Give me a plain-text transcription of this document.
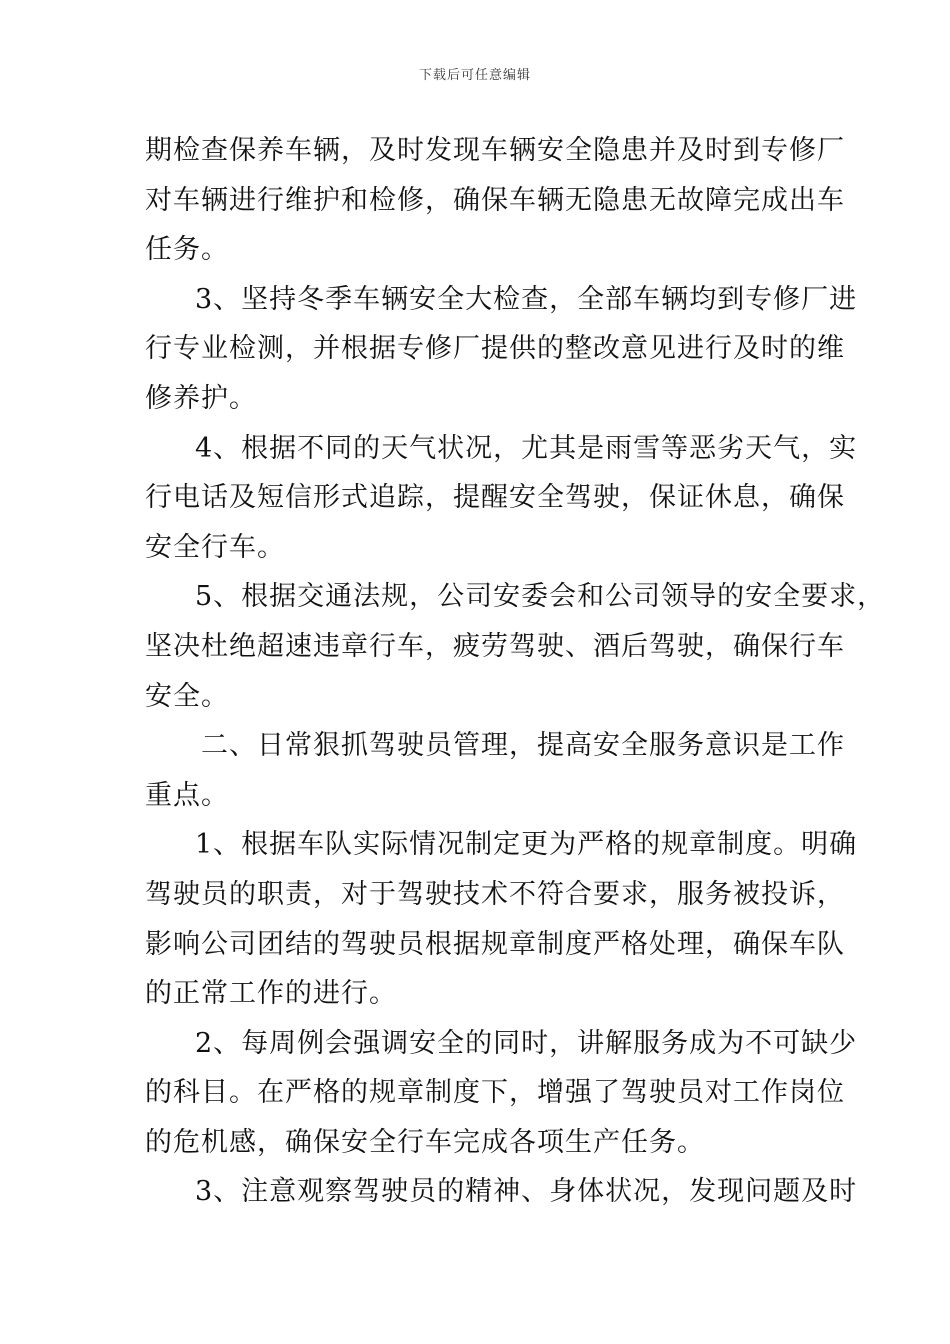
下载后可任意编辑
期检查保养车辆，及时发现车辆安全隐患并及时到专修厂
对车辆进行维护和检修，确保车辆无隐患无故障完成出车
任务。
3、坚持冬季车辆安全大检查，全部车辆均到专修厂进
行专业检测，并根据专修厂提供的整改意见进行及时的维
修养护。
4、根据不同的天气状况，尤其是雨雪等恶劣天气，实
行电话及短信形式追踪，提醒安全驾驶，保证休息，确保
安全行车。
5、根据交通法规，公司安委会和公司领导的安全要求，
坚决杜绝超速违章行车，疲劳驾驶、酒后驾驶，确保行车
安全。
二、日常狠抓驾驶员管理，提高安全服务意识是工作
重点。
1、根据车队实际情况制定更为严格的规章制度。明确
驾驶员的职责，对于驾驶技术不符合要求，服务被投诉，
影响公司团结的驾驶员根据规章制度严格处理，确保车队
的正常工作的进行。
2、每周例会强调安全的同时，讲解服务成为不可缺少
的科目。在严格的规章制度下，增强了驾驶员对工作岗位
的危机感，确保安全行车完成各项生产任务。
3、注意观察驾驶员的精神、身体状况，发现问题及时
